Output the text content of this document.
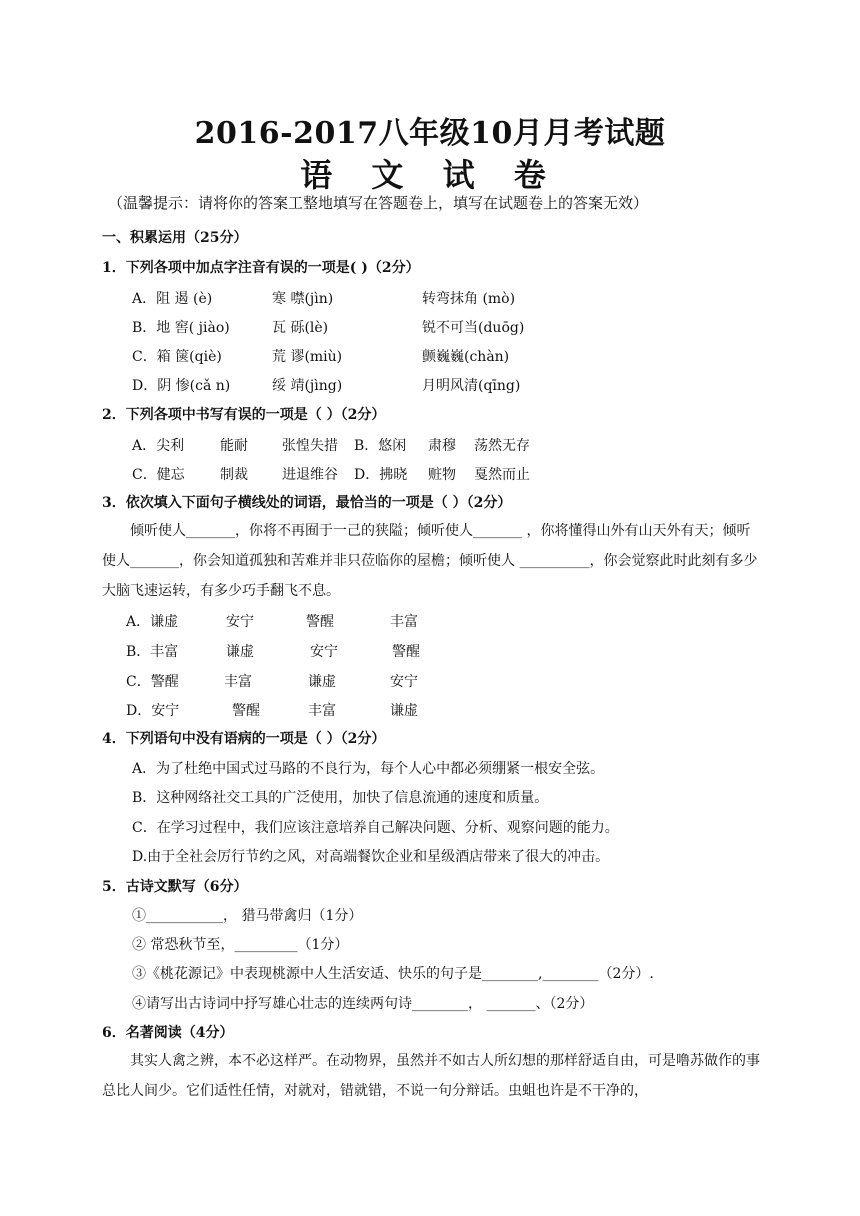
2016-2017八年级10月月考试题
语 文 试 卷
（温馨提示：请将你的答案工整地填写在答题卷上，填写在试题卷上的答案无效）
一、积累运用（25分）
1．下列各项中加点字注音有误的一项是( )（2分）
A．阻 遏 (è)	寒 噤(jìn)	转弯抹角 (mò)
B．地 窖( jiào)	瓦 砾(lè)	锐不可当(duōg)
C．箱 箧(qiè)	荒 谬(miù)	颤巍巍(chàn)
D．阴 惨(cǎ n)	绥 靖(jìng)	月明风清(qīng)
2．下列各项中书写有误的一项是（ ）（2分）
A．尖利	能耐 张惶失措 B．悠闲 肃穆 荡然无存
C．健忘	制裁 进退维谷 D．拂晓 赃物 戛然而止
3．依次填入下面句子横线处的词语，最恰当的一项是（ ）（2分）
倾听使人_______，你将不再囿于一己的狭隘；倾听使人_______ ，你将懂得山外有山天外有天；倾听使人_______，你会知道孤独和苦难并非只莅临你的屋檐；倾听使人 __________，你会觉察此时此刻有多少大脑飞速运转，有多少巧手翻飞不息。
A．谦虚	安宁	警醒	丰富
B．丰富	谦虚	安宁	警醒
C．警醒	丰富	谦虚	安宁
D．安宁	警醒	丰富	谦虚
4．下列语句中没有语病的一项是（ ）（2分）
A．为了杜绝中国式过马路的不良行为，每个人心中都必须绷紧一根安全弦。
B．这种网络社交工具的广泛使用，加快了信息流通的速度和质量。
C．在学习过程中，我们应该注意培养自己解决问题、分析、观察问题的能力。
D.由于全社会厉行节约之风，对高端餐饮企业和星级酒店带来了很大的冲击。
5．古诗文默写（6分）
①___________， 猎马带禽归（1分）
② 常恐秋节至，_________（1分）
③《桃花源记》中表现桃源中人生活安适、快乐的句子是________,________（2分）.
④请写出古诗词中抒写雄心壮志的连续两句诗________， _______、（2分）
6．名著阅读（4分）
其实人禽之辨，本不必这样严。在动物界，虽然并不如古人所幻想的那样舒适自由，可是噜苏做作的事总比人间少。它们适性任情，对就对，错就错，不说一句分辩话。虫蛆也许是不干净的，
